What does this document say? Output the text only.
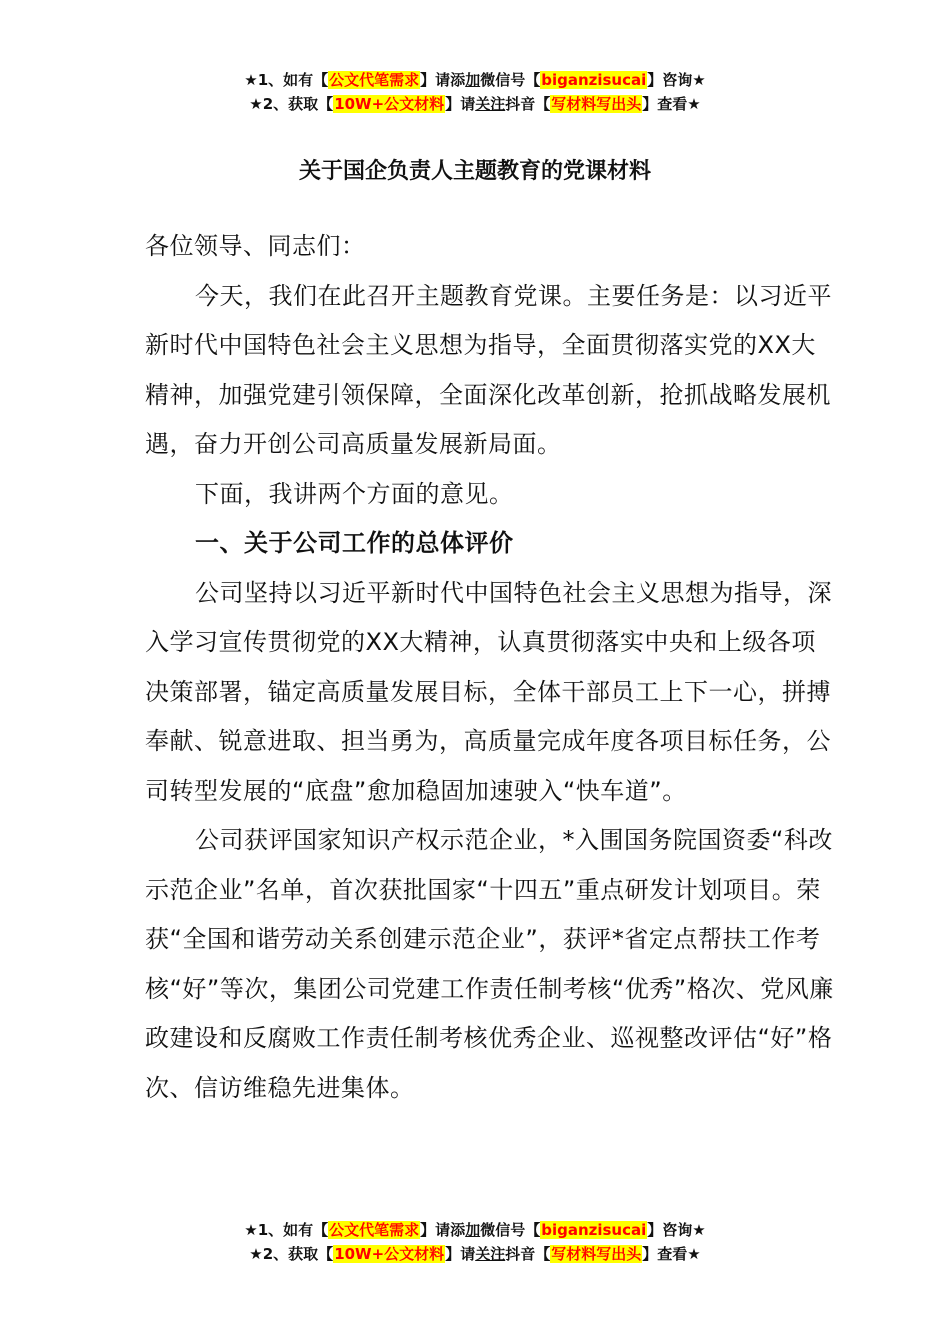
★1、如有【公文代笔需求】请添加微信号【biganzisucai】咨询★
★2、获取【10W+公文材料】请关注抖音【写材料写出头】查看★
关于国企负责人主题教育的党课材料

各位领导、同志们：

今天，我们在此召开主题教育党课。主要任务是：以习近平新时代中国特色社会主义思想为指导，全面贯彻落实党的XX大精神，加强党建引领保障，全面深化改革创新，抢抓战略发展机遇，奋力开创公司高质量发展新局面。

下面，我讲两个方面的意见。

一、关于公司工作的总体评价

公司坚持以习近平新时代中国特色社会主义思想为指导，深入学习宣传贯彻党的XX大精神，认真贯彻落实中央和上级各项决策部署，锚定高质量发展目标，全体干部员工上下一心，拼搏奉献、锐意进取、担当勇为，高质量完成年度各项目标任务，公司转型发展的“底盘”愈加稳固加速驶入“快车道”。

公司获评国家知识产权示范企业，*入围国务院国资委“科改示范企业”名单，首次获批国家“十四五”重点研发计划项目。荣获“全国和谐劳动关系创建示范企业”，获评*省定点帮扶工作考核“好”等次，集团公司党建工作责任制考核“优秀”格次、党风廉政建设和反腐败工作责任制考核优秀企业、巡视整改评估“好”格次、信访维稳先进集体。

★1、如有【公文代笔需求】请添加微信号【biganzisucai】咨询★
★2、获取【10W+公文材料】请关注抖音【写材料写出头】查看★
